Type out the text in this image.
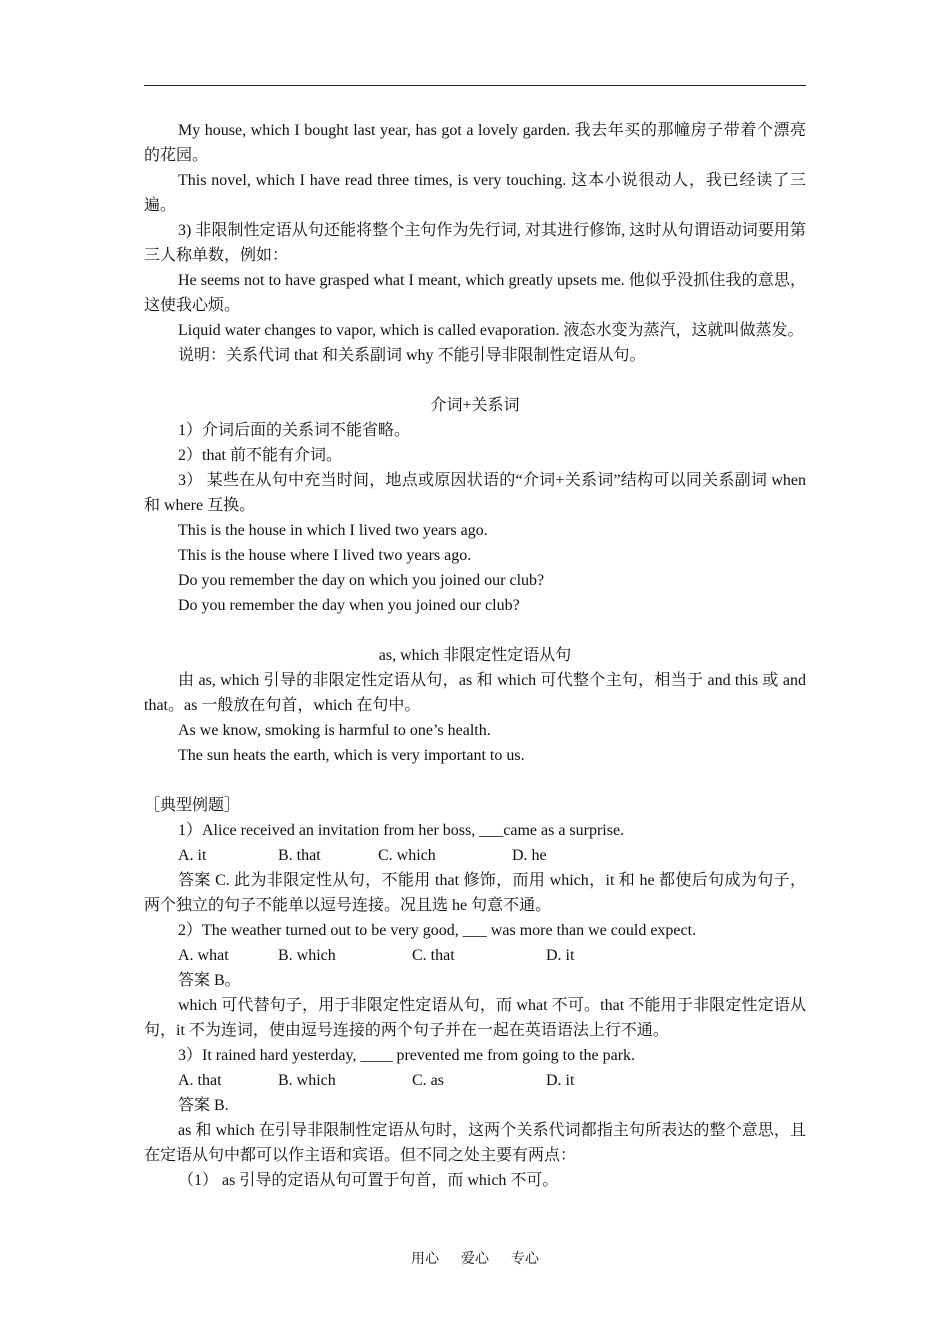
My house, which I bought last year, has got a lovely garden. 我去年买的那幢房子带着个漂亮的花园。

This novel, which I have read three times, is very touching. 这本小说很动人，我已经读了三遍。

3) 非限制性定语从句还能将整个主句作为先行词, 对其进行修饰, 这时从句谓语动词要用第三人称单数，例如：

He seems not to have grasped what I meant, which greatly upsets me. 他似乎没抓住我的意思，这使我心烦。

Liquid water changes to vapor, which is called evaporation. 液态水变为蒸汽，这就叫做蒸发。

说明：关系代词 that 和关系副词 why 不能引导非限制性定语从句。

介词+关系词

1）介词后面的关系词不能省略。

2）that 前不能有介词。

3） 某些在从句中充当时间，地点或原因状语的“介词+关系词”结构可以同关系副词 when 和 where 互换。

This is the house in which I lived two years ago.

This is the house where I lived two years ago.

Do you remember the day on which you joined our club?

Do you remember the day when you joined our club?

as, which 非限定性定语从句

由 as, which 引导的非限定性定语从句，as 和 which 可代整个主句，相当于 and this 或 and that。as 一般放在句首，which 在句中。

As we know, smoking is harmful to one’s health.

The sun heats the earth, which is very important to us.

［典型例题］

1）Alice received an invitation from her boss, ___came as a surprise.

A. it	B. that	C. which	D. he

答案 C. 此为非限定性从句，不能用 that 修饰，而用 which，it 和 he 都使后句成为句子，两个独立的句子不能单以逗号连接。况且选 he 句意不通。

2）The weather turned out to be very good, ___ was more than we could expect.

A. what	B. which	C. that	D. it

答案 B。

which 可代替句子，用于非限定性定语从句，而 what 不可。that 不能用于非限定性定语从句，it 不为连词，使由逗号连接的两个句子并在一起在英语语法上行不通。

3）It rained hard yesterday, ____ prevented me from going to the park.

A. that	B. which	C. as	D. it

答案 B.

as 和 which 在引导非限制性定语从句时，这两个关系代词都指主句所表达的整个意思，且在定语从句中都可以作主语和宾语。但不同之处主要有两点：

（1） as 引导的定语从句可置于句首，而 which 不可。

用心 爱心 专心
